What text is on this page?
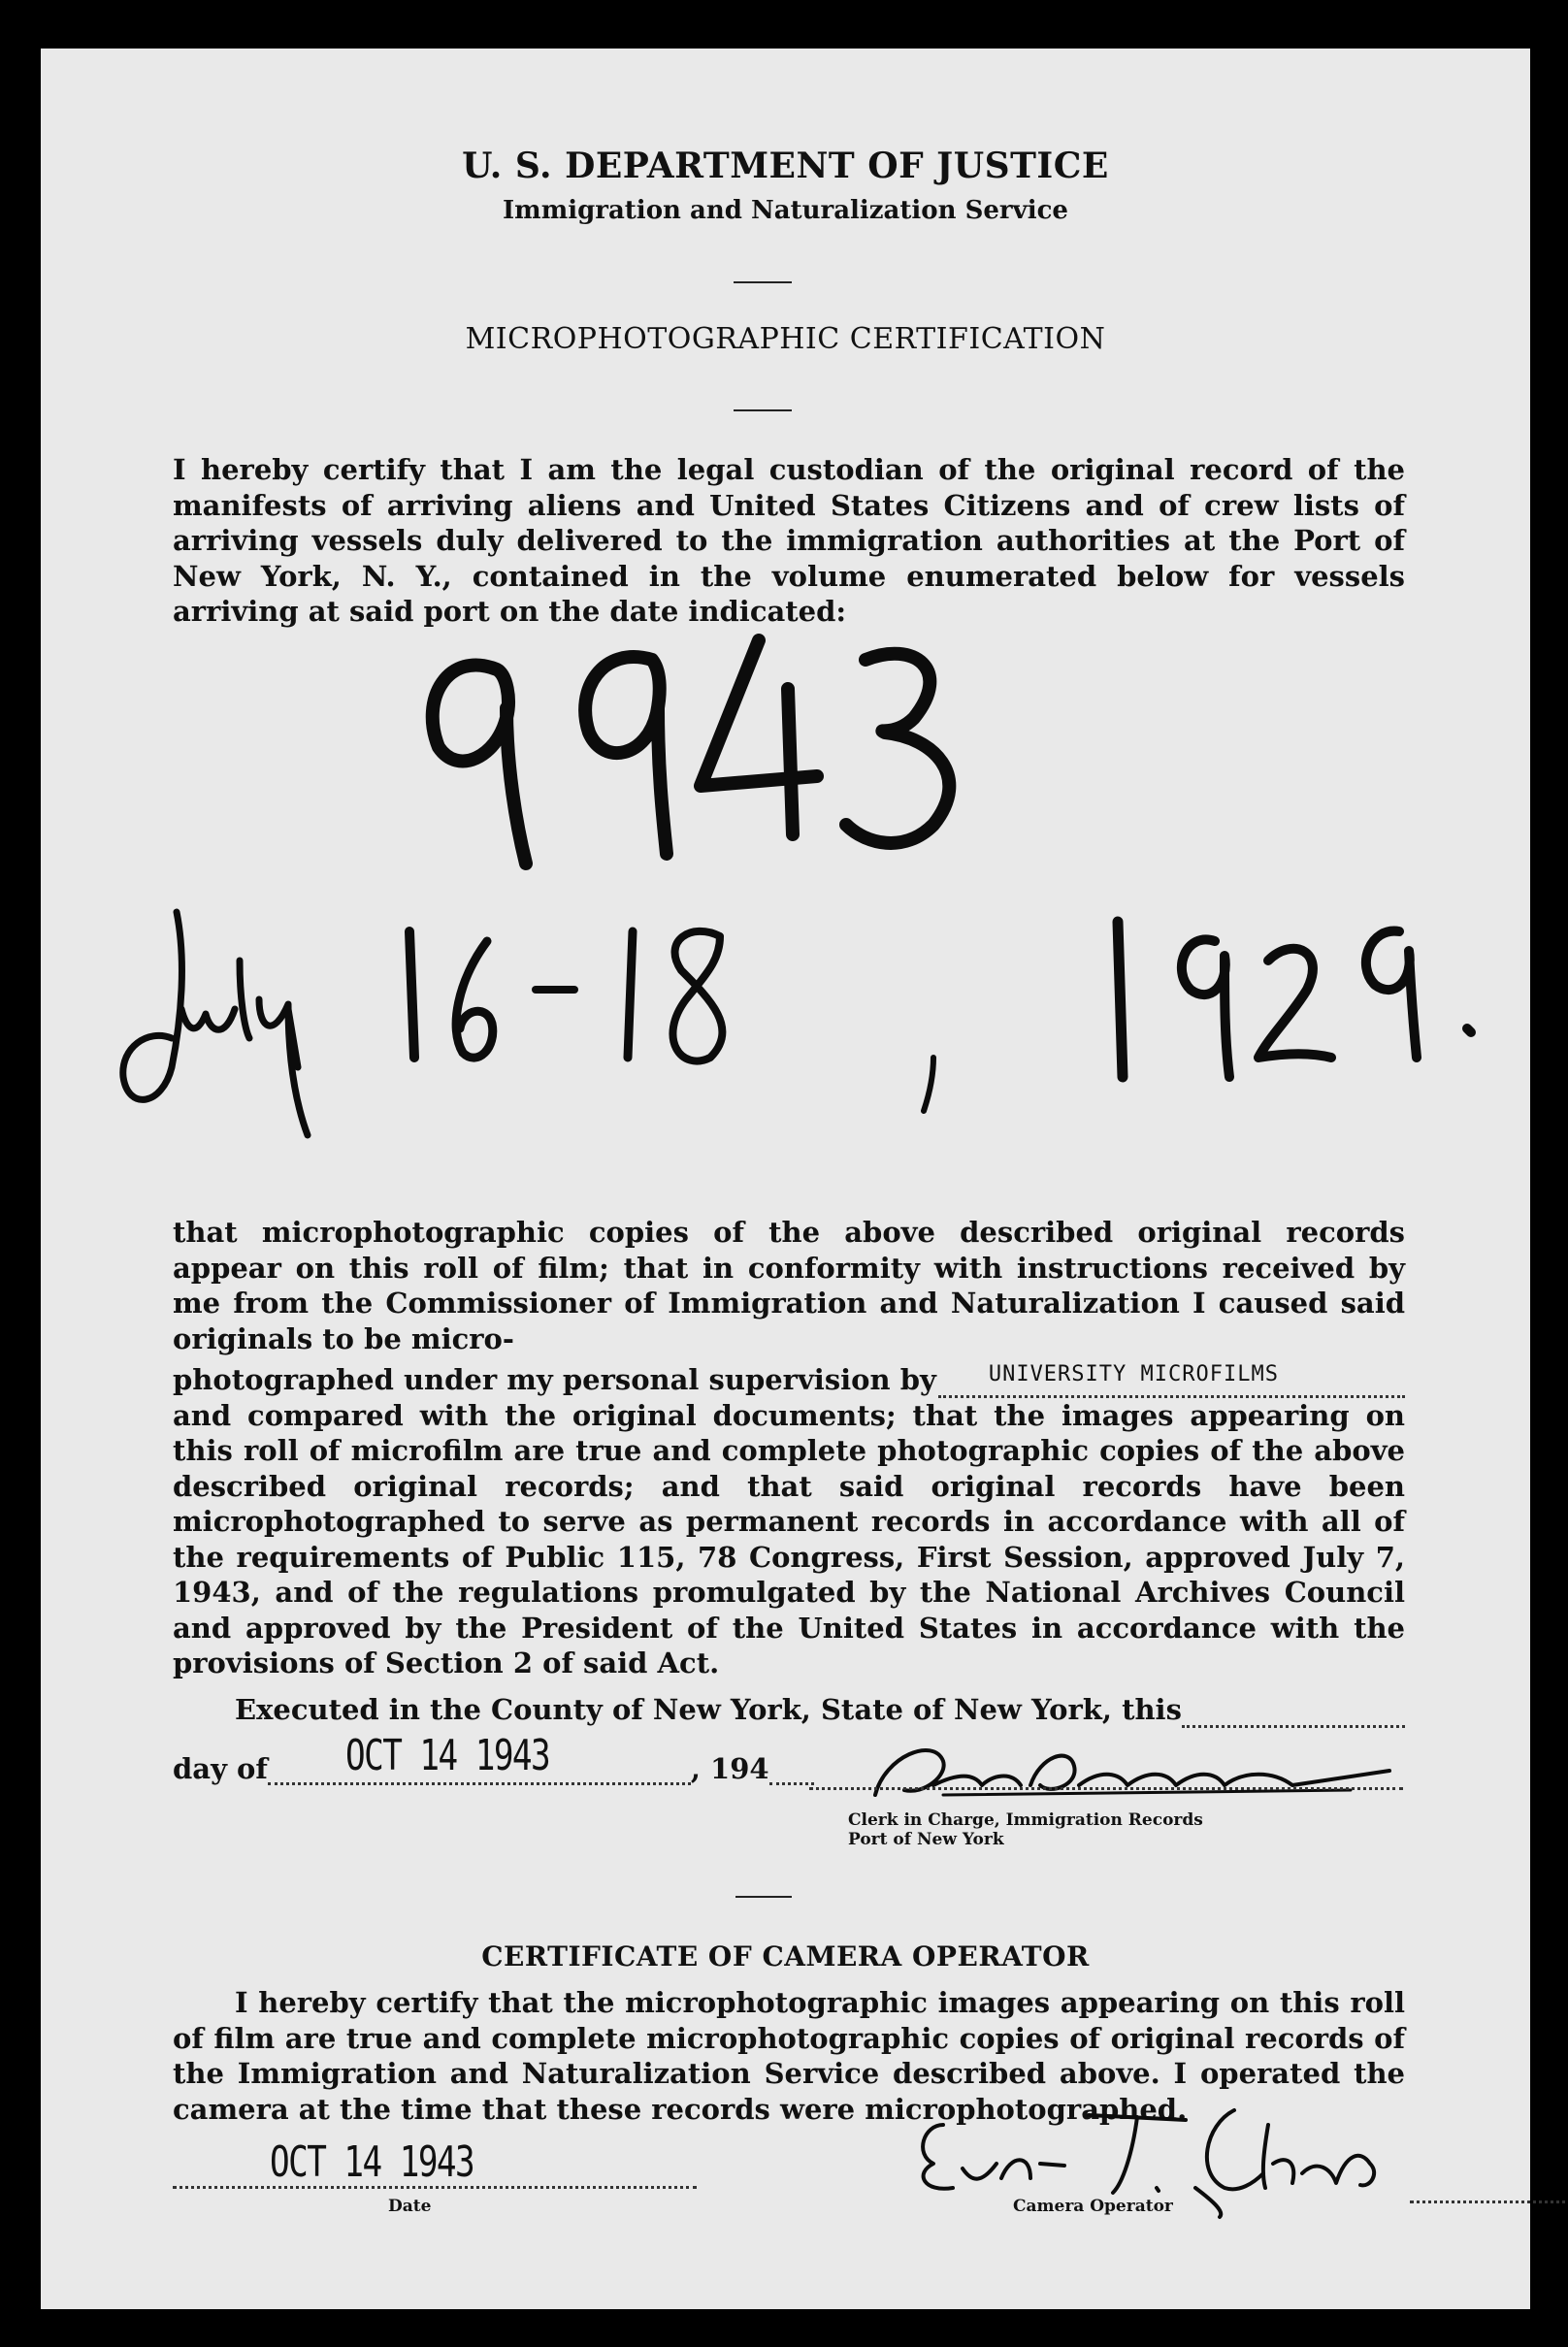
U. S. DEPARTMENT OF JUSTICE
Immigration and Naturalization Service
MICROPHOTOGRAPHIC CERTIFICATION

I hereby certify that I am the legal custodian of the original record of the manifests of arriving aliens and United States Citizens and of crew lists of arriving vessels duly delivered to the immigration authorities at the Port of New York, N. Y., contained in the volume enumerated below for vessels arriving at said port on the date indicated:

that microphotographic copies of the above described original records appear on this roll of film; that in conformity with instructions received by me from the Commissioner of Immigration and Naturalization I caused said originals to be micro-

photographed under my personal supervision by UNIVERSITY MICROFILMS

and compared with the original documents; that the images appearing on this roll of microfilm are true and complete photographic copies of the above described original records; and that said original records have been microphotographed to serve as permanent records in accordance with all of the requirements of Public 115, 78 Congress, First Session, approved July 7, 1943, and of the regulations promulgated by the National Archives Council and approved by the President of the United States in accordance with the provisions of Section 2 of said Act.

Executed in the County of New York, State of New York, this

day of OCT 14 1943	, 194

Clerk in Charge, Immigration Records
Port of New York
CERTIFICATE OF CAMERA OPERATOR

I hereby certify that the microphotographic images appearing on this roll of film are true and complete microphotographic copies of original records of the Immigration and Naturalization Service described above. I operated the camera at the time that these records were microphotographed.

OCT 14 1943
Date	Camera Operator
